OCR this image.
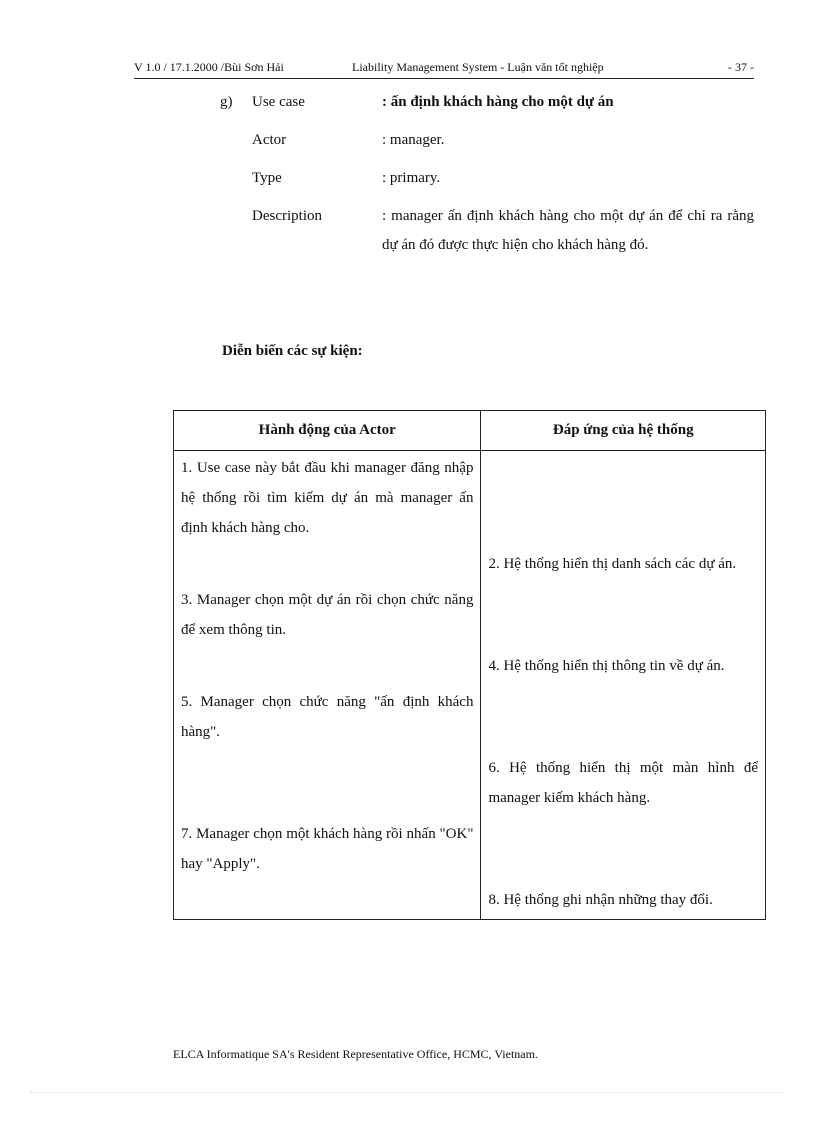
V 1.0 / 17.1.2000 /Bùi Sơn Hải	Liability Management System - Luận văn tốt nghiệp	- 37 -
g) Use case	: ấn định khách hàng cho một dự án
Actor	: manager.
Type	: primary.
Description	: manager ấn định khách hàng cho một dự án để chỉ ra rằng dự án đó được thực hiện cho khách hàng đó.
Diễn biến các sự kiện:
Hành động của Actor	Đáp ứng của hệ thống
1. Use case này bắt đầu khi manager đăng nhập hệ thống rồi tìm kiếm dự án mà manager ấn định khách hàng cho.	
	2. Hệ thống hiển thị danh sách các dự án.
3. Manager chọn một dự án rồi chọn chức năng để xem thông tin.	
	4. Hệ thống hiển thị thông tin về dự án.
5. Manager chọn chức năng "ấn định khách hàng".	
	6. Hệ thống hiển thị một màn hình để manager kiếm khách hàng.
7. Manager chọn một khách hàng rồi nhấn "OK" hay "Apply".	
	8. Hệ thống ghi nhận những thay đổi.
ELCA Informatique SA's Resident Representative Office, HCMC, Vietnam.
